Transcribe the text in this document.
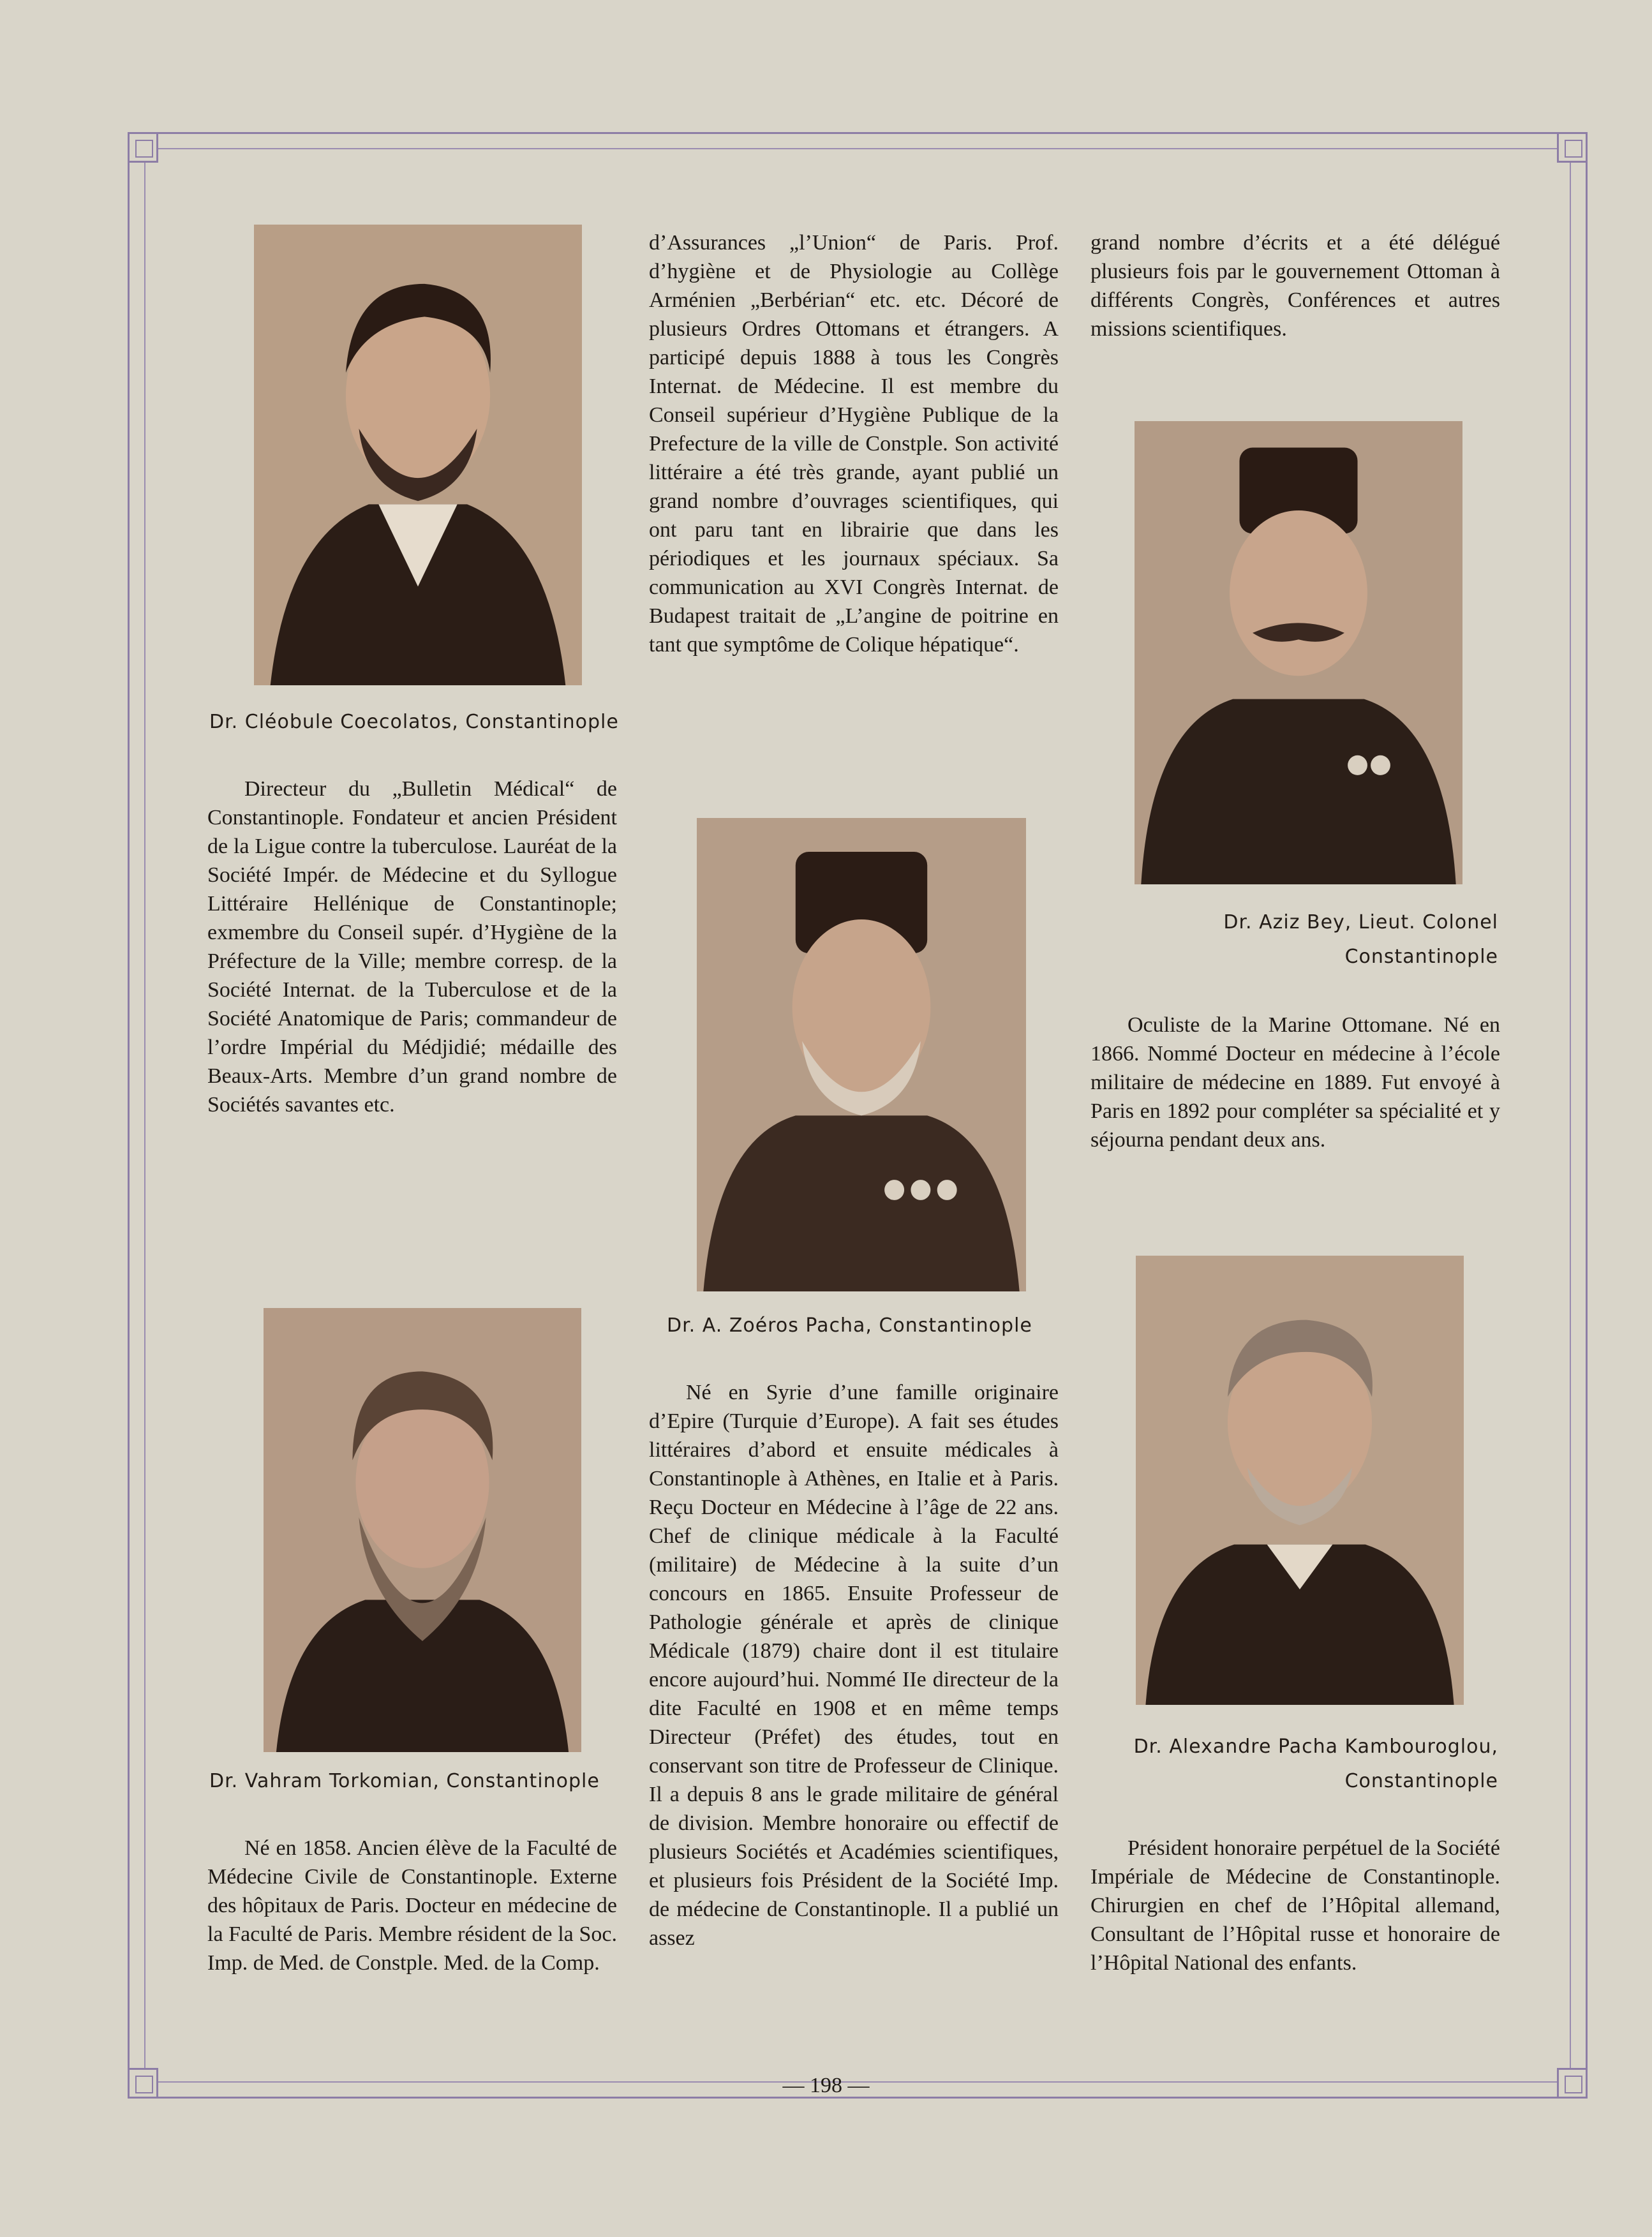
Dr. Cléobule Coecolatos, Constantinople
Directeur du „Bulletin Médical“ de Constantinople. Fondateur et ancien Président de la Ligue contre la tuberculose. Lauréat de la Société Impér. de Médecine et du Syllogue Littéraire Hellénique de Constantinople; exmembre du Conseil supér. d’Hygiène de la Préfecture de la Ville; membre corresp. de la Société Internat. de la Tuberculose et de la Société Anatomique de Paris; commandeur de l’ordre Impérial du Médjidié; médaille des Beaux-Arts. Membre d’un grand nombre de Sociétés savantes etc.
Dr. Vahram Torkomian, Constantinople
Né en 1858. Ancien élève de la Faculté de Médecine Civile de Constantinople. Externe des hôpitaux de Paris. Docteur en médecine de la Faculté de Paris. Membre résident de la Soc. Imp. de Med. de Constple. Med. de la Comp.
d’Assurances „l’Union“ de Paris. Prof. d’hygiène et de Physiologie au Collège Arménien „Berbérian“ etc. etc. Décoré de plusieurs Ordres Ottomans et étrangers. A participé depuis 1888 à tous les Congrès Internat. de Médecine. Il est membre du Conseil supérieur d’Hygiène Publique de la Prefecture de la ville de Constple. Son activité littéraire a été très grande, ayant publié un grand nombre d’ouvrages scientifiques, qui ont paru tant en librairie que dans les périodiques et les journaux spéciaux. Sa communication au XVI Congrès Internat. de Budapest traitait de „L’angine de poitrine en tant que symptôme de Colique hépatique“.
Dr. A. Zoéros Pacha, Constantinople
Né en Syrie d’une famille originaire d’Epire (Turquie d’Europe). A fait ses études littéraires d’abord et ensuite médicales à Constantinople à Athènes, en Italie et à Paris. Reçu Docteur en Médecine à l’âge de 22 ans. Chef de clinique médicale à la Faculté (militaire) de Médecine à la suite d’un concours en 1865. Ensuite Professeur de Pathologie générale et après de clinique Médicale (1879) chaire dont il est titulaire encore aujourd’hui. Nommé IIe directeur de la dite Faculté en 1908 et en même temps Directeur (Préfet) des études, tout en conservant son titre de Professeur de Clinique. Il a depuis 8 ans le grade militaire de général de division. Membre honoraire ou effectif de plusieurs Sociétés et Académies scientifiques, et plusieurs fois Président de la Société Imp. de médecine de Constantinople. Il a publié un assez
grand nombre d’écrits et a été délégué plusieurs fois par le gouvernement Ottoman à différents Congrès, Conférences et autres missions scientifiques.
Dr. Aziz Bey, Lieut. Colonel
Constantinople
Oculiste de la Marine Ottomane. Né en 1866. Nommé Docteur en médecine à l’école militaire de médecine en 1889. Fut envoyé à Paris en 1892 pour compléter sa spécialité et y séjourna pendant deux ans.
Dr. Alexandre Pacha Kambouroglou,
Constantinople
Président honoraire perpétuel de la Société Impériale de Médecine de Constantinople. Chirurgien en chef de l’Hôpital allemand, Consultant de l’Hôpital russe et honoraire de l’Hôpital National des enfants.
— 198 —
